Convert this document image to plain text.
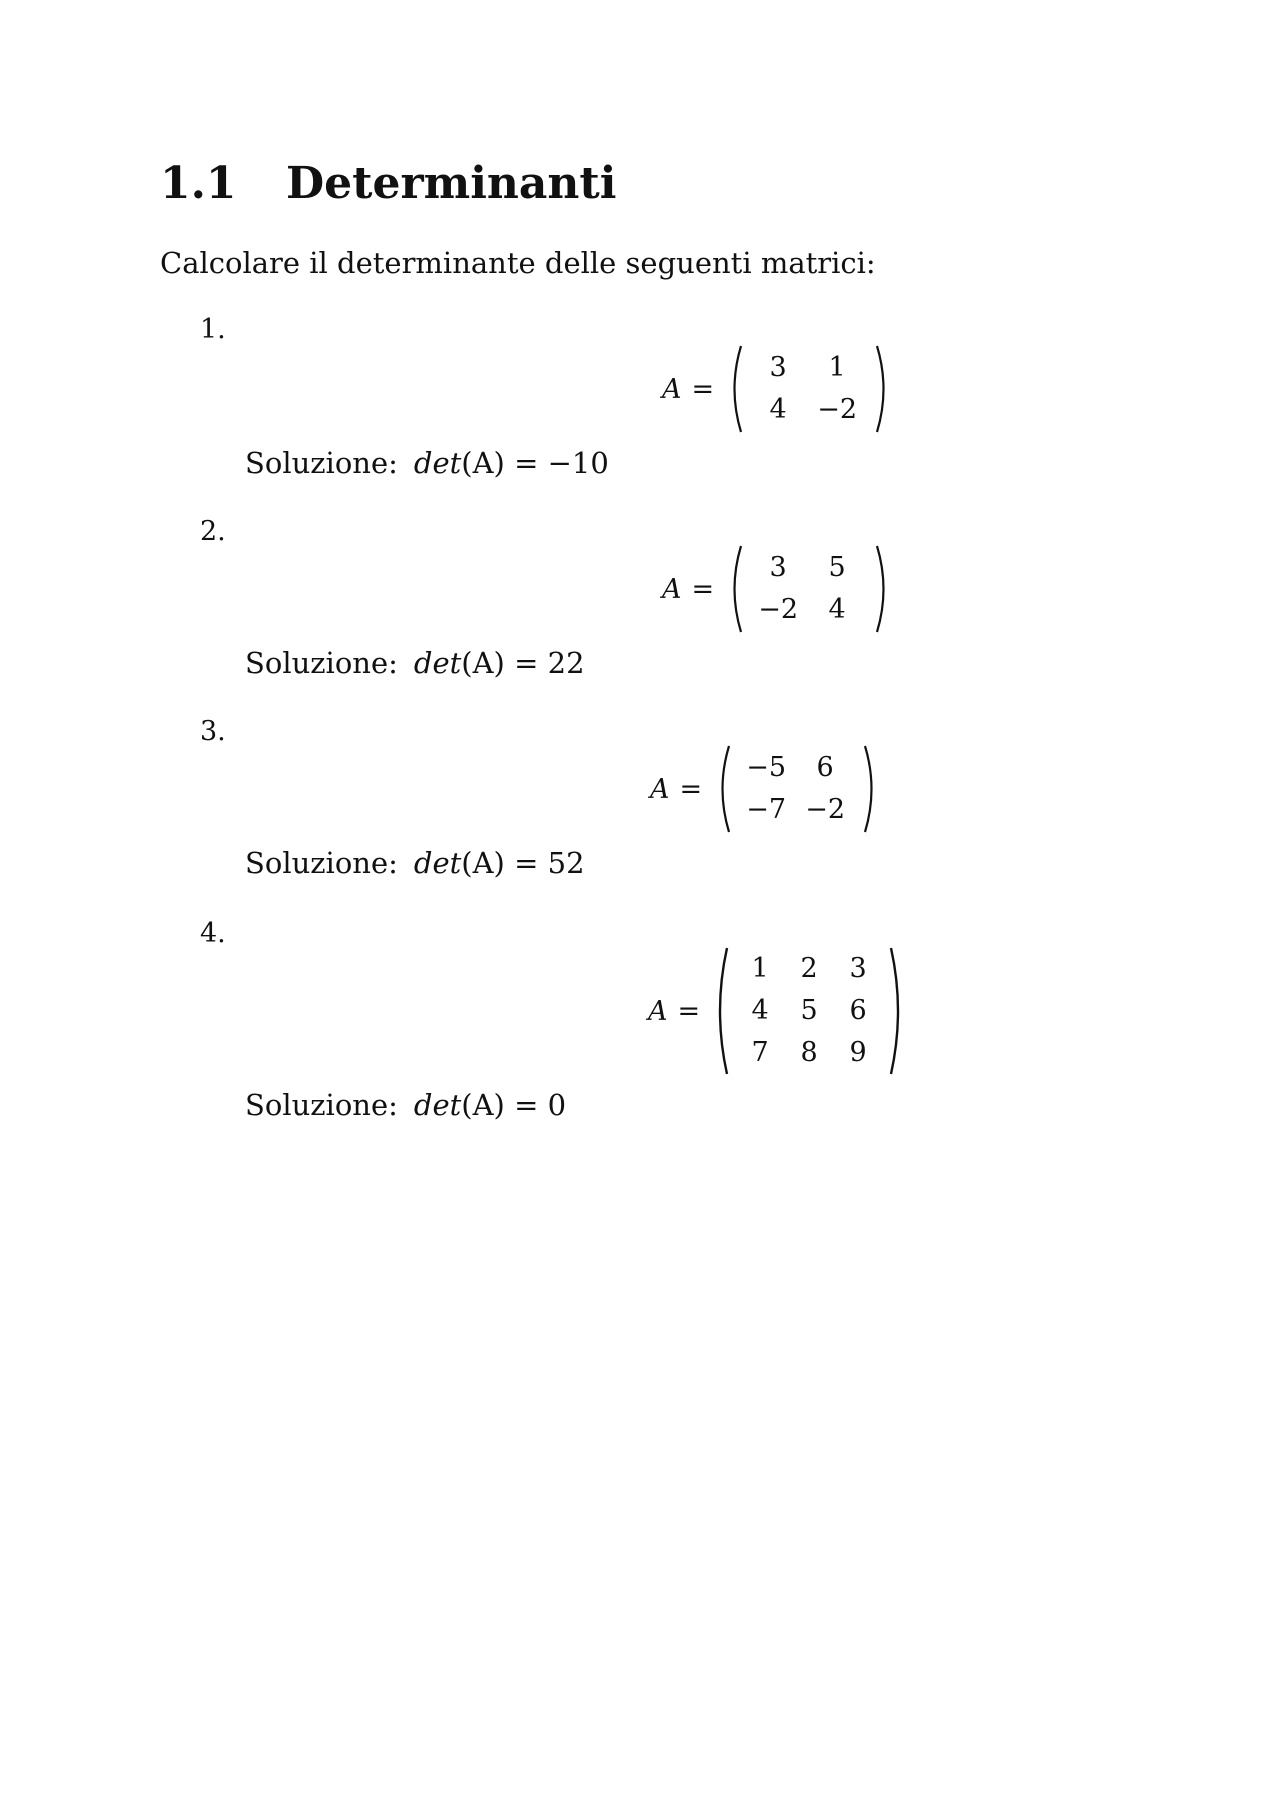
1.1 Determinanti

Calcolare il determinante delle seguenti matrici:

1.
A =
3	1
4	−2
Soluzione: det(A) = −10
2.
A =
3	5
−2	4
Soluzione: det(A) = 22
3.
A =
−5	6
−7 −2
Soluzione: det(A) = 52
4.
A =
1	2	3
4	5	6
7	8	9
Soluzione: det(A) = 0
